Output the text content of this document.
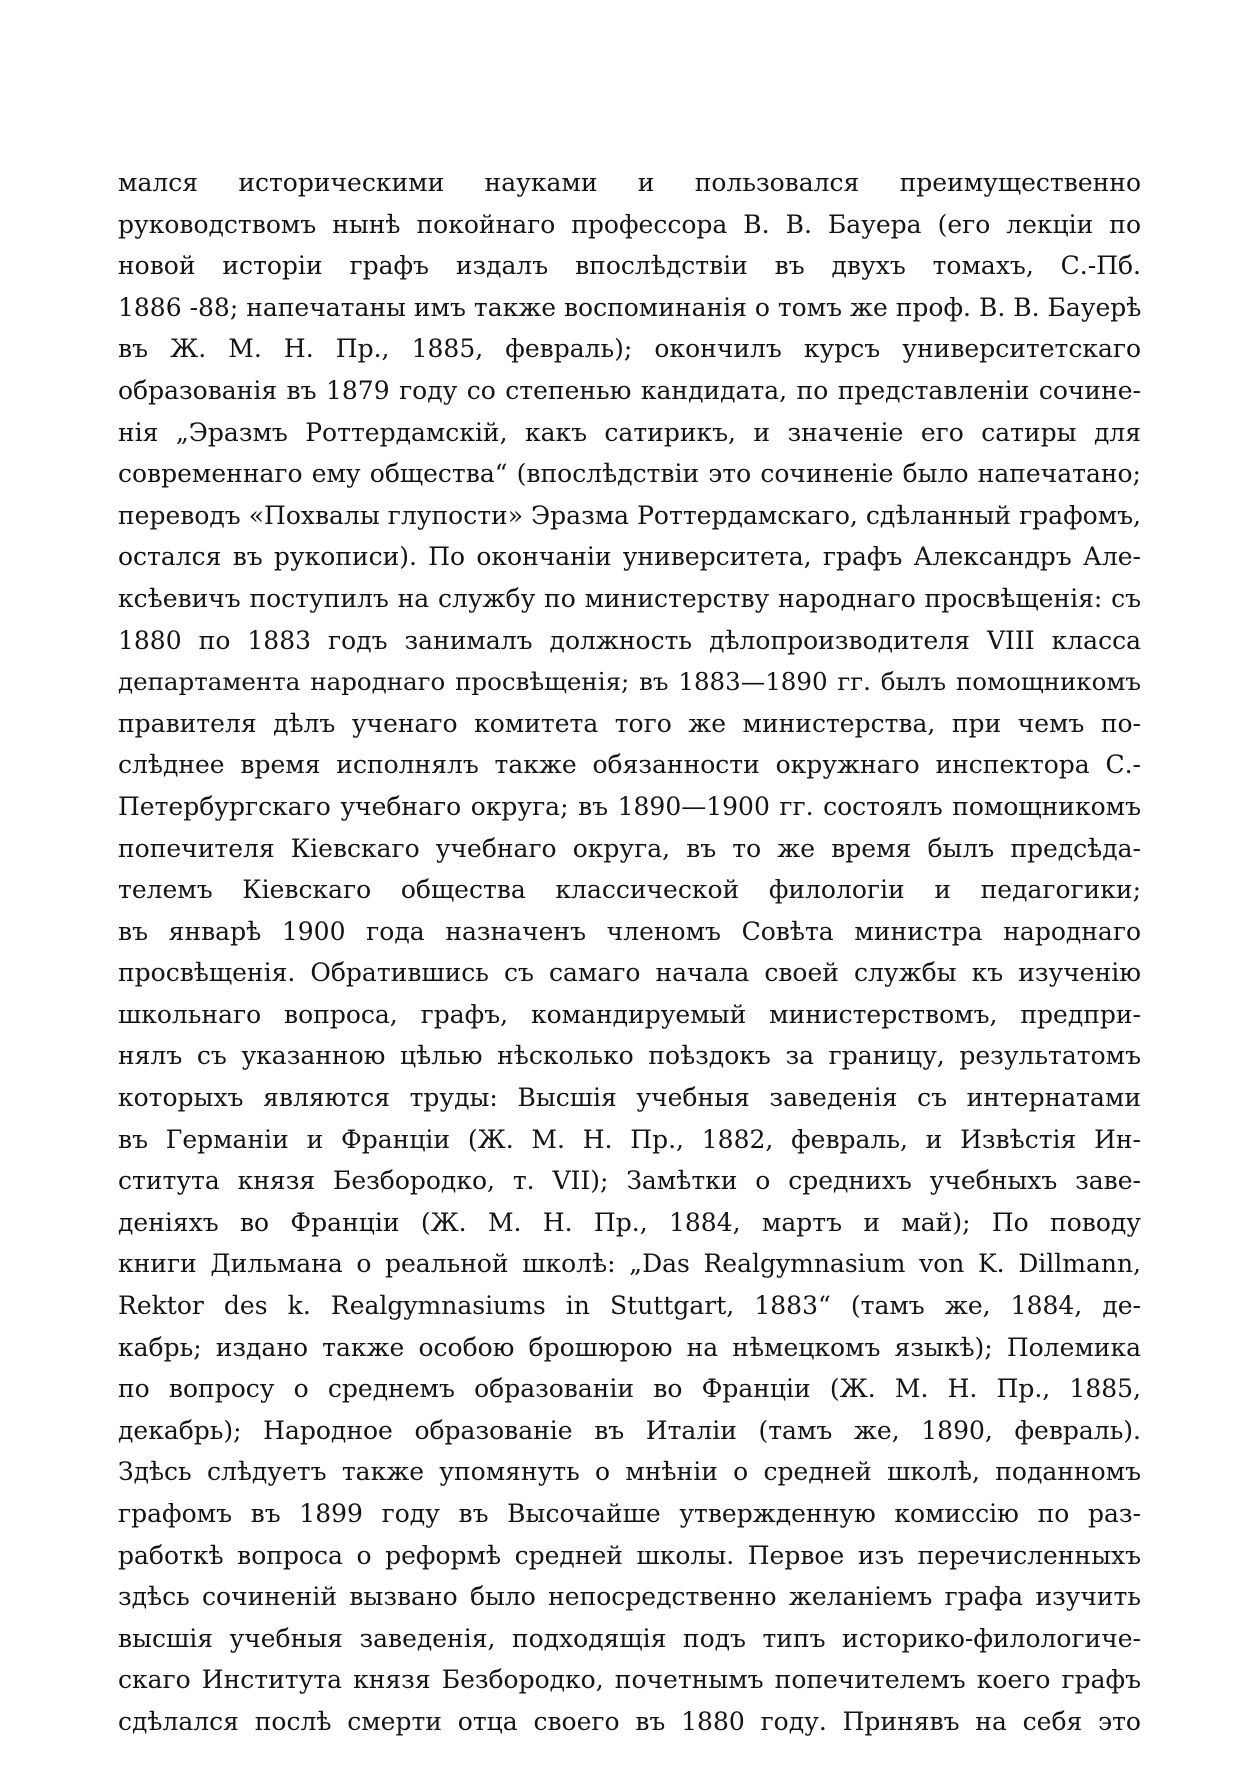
мался историческими науками и пользовался преимущественно
руководствомъ нынѣ покойнаго профессора В. В. Бауера (его лекціи по
новой исторіи графъ издалъ впослѣдствіи въ двухъ томахъ, С.-Пб.
1886 -88; напечатаны имъ также воспоминанія о томъ же проф. В. В. Бауерѣ
въ Ж. М. Н. Пр., 1885, февраль); окончилъ курсъ университетскаго
образованія въ 1879 году со степенью кандидата, по представленіи сочине-
нія „Эразмъ Роттердамскій, какъ сатирикъ, и значеніе его сатиры для
современнаго ему общества“ (впослѣдствіи это сочиненіе было напечатано;
переводъ «Похвалы глупости» Эразма Роттердамскаго, сдѣланный графомъ,
остался въ рукописи). По окончаніи университета, графъ Александръ Але-
ксѣевичъ поступилъ на службу по министерству народнаго просвѣщенія: съ
1880 по 1883 годъ занималъ должность дѣлопроизводителя VIII класса
департамента народнаго просвѣщенія; въ 1883—1890 гг. былъ помощникомъ
правителя дѣлъ ученаго комитета того же министерства, при чемъ по-
слѣднее время исполнялъ также обязанности окружнаго инспектора С.-
Петербургскаго учебнаго округа; въ 1890—1900 гг. состоялъ помощникомъ
попечителя Кіевскаго учебнаго округа, въ то же время былъ предсѣда-
телемъ Кіевскаго общества классической филологіи и педагогики;
въ январѣ 1900 года назначенъ членомъ Совѣта министра народнаго
просвѣщенія. Обратившись съ самаго начала своей службы къ изученію
школьнаго вопроса, графъ, командируемый министерствомъ, предпри-
нялъ съ указанною цѣлью нѣсколько поѣздокъ за границу, результатомъ
которыхъ являются труды: Высшія учебныя заведенія съ интернатами
въ Германіи и Франціи (Ж. М. Н. Пр., 1882, февраль, и Извѣстія Ин-
ститута князя Безбородко, т. VII); Замѣтки о среднихъ учебныхъ заве-
деніяхъ во Франціи (Ж. М. Н. Пр., 1884, мартъ и май); По поводу
книги Дильмана о реальной школѣ: „Das Realgymnasium von K. Dillmann,
Rektor des k. Realgymnasiums in Stuttgart, 1883“ (тамъ же, 1884, де-
кабрь; издано также особою брошюрою на нѣмецкомъ языкѣ); Полемика
по вопросу о среднемъ образованіи во Франціи (Ж. М. Н. Пр., 1885,
декабрь); Народное образованіе въ Италіи (тамъ же, 1890, февраль).
Здѣсь слѣдуетъ также упомянуть о мнѣніи о средней школѣ, поданномъ
графомъ въ 1899 году въ Высочайше утвержденную комиссію по раз-
работкѣ вопроса о реформѣ средней школы. Первое изъ перечисленныхъ
здѣсь сочиненій вызвано было непосредственно желаніемъ графа изучить
высшія учебныя заведенія, подходящія подъ типъ историко-филологиче-
скаго Института князя Безбородко, почетнымъ попечителемъ коего графъ
сдѣлался послѣ смерти отца своего въ 1880 году. Принявъ на себя это
